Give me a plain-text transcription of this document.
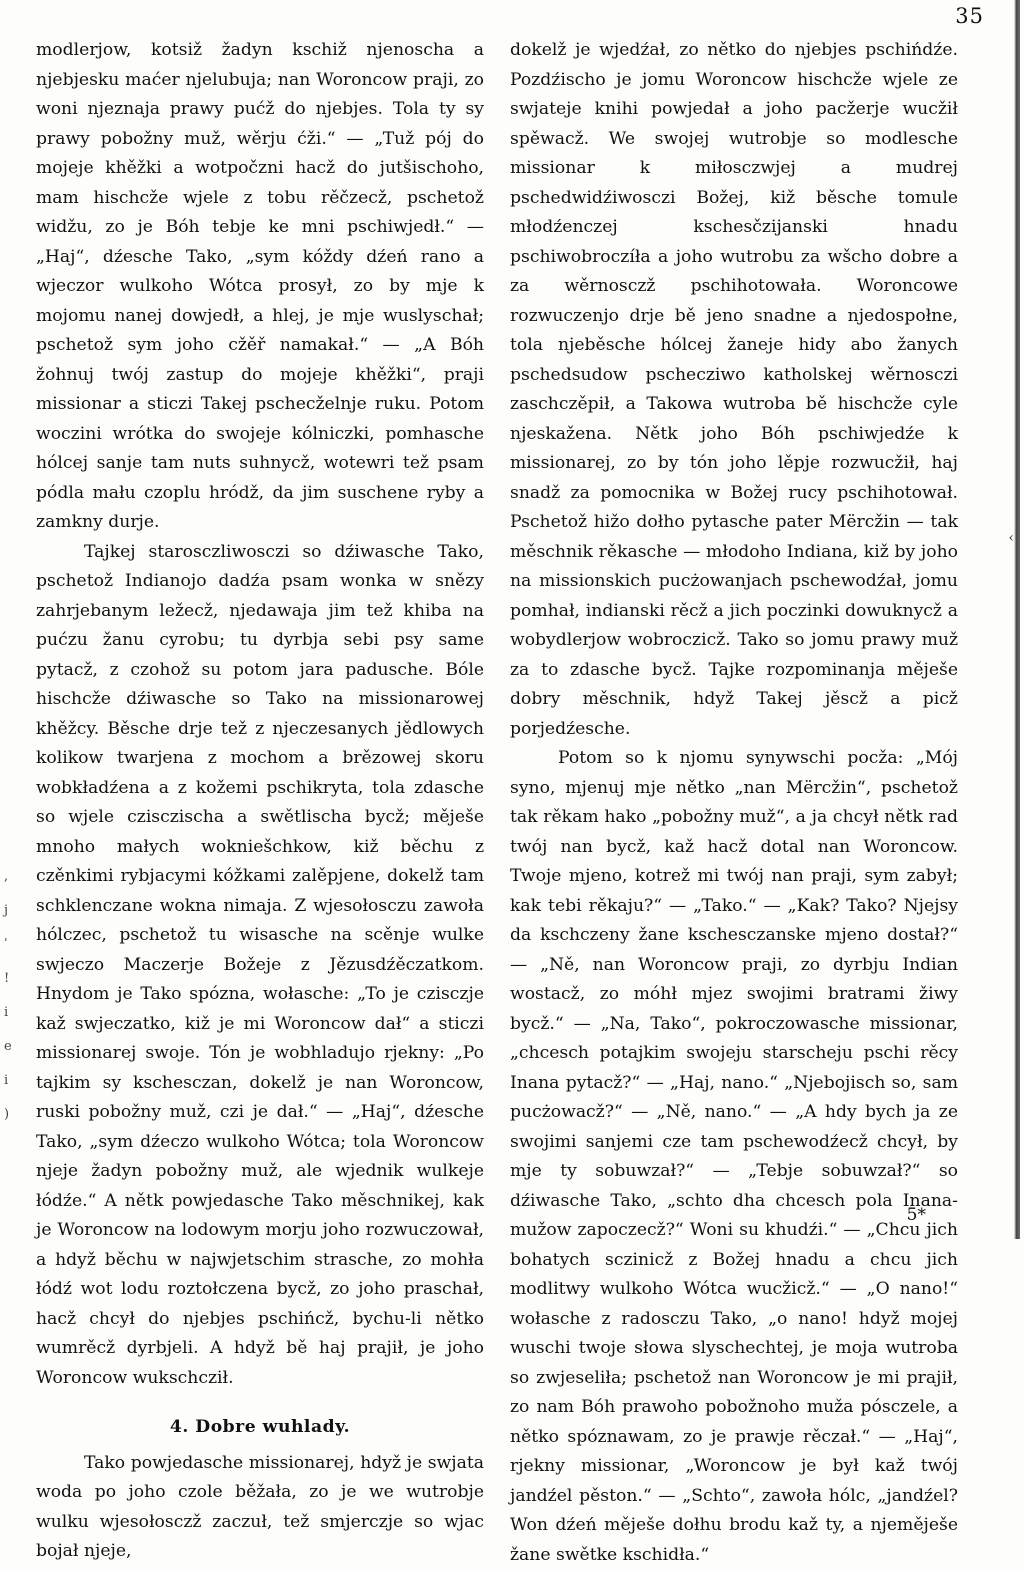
35

modlerjow, kotsiž žadyn kschiž njenoscha a njebjesku maćer njelubuja; nan Woroncow praji, zo woni njeznaja prawy pućž do njebjes. Tola ty sy prawy pobožny muž, wěrju ćži.“ — „Tuž pój do mojeje khěžki a wotpočzni hacž do jutšischoho, mam hischcže wjele z tobu rěčzecž, pschetož widžu, zo je Bóh tebje ke mni pschiwjedł.“ — „Haj“, dźesche Tako, „sym kóždy dźeń rano a wjeczor wulkoho Wótca prosył, zo by mje k mojomu nanej dowjedł, a hlej, je mje wuslyschał; pschetož sym joho cžěř namakał.“ — „A Bóh žohnuj twój zastup do mojeje khěžki“, praji missionar a sticzi Takej pschecželnje ruku. Potom woczini wrótka do swojeje kólniczki, pomhasche hólcej sanje tam nuts suhnycž, wotewri tež psam pódla mału czoplu hródž, da jim suschene ryby a zamkny durje.

Tajkej starosczliwosczi so dźiwasche Tako, pschetož Indianojo dadźa psam wonka w snězy zahrjebanym ležecž, njedawaja jim tež khiba na pućzu žanu cyrobu; tu dyrbja sebi psy same pytacž, z czohož su potom jara padusche. Bóle hischcže dźiwasche so Tako na missionarowej khěžcy. Běsche drje tež z njeczesanych jědlowych kolikow twarjena z mochom a brězowej skoru wobkładźena a z kožemi pschikryta, tola zdasche so wjele czisczischa a swětlischa bycž; měješe mnoho małych wokniešchkow, kiž běchu z czěnkimi rybjacymi kóžkami zalěpjene, dokelž tam schklenczane wokna nimaja. Z wjesołosczu zawoła hólczec, pschetož tu wisasche na scěnje wulke swjeczo Maczerje Božeje z Jězusdźěczatkom. Hnydom je Tako spózna, wołasche: „To je czisczje kaž swjeczatko, kiž je mi Woroncow dał“ a sticzi missionarej swoje. Tón je wobhladujo rjekny: „Po tajkim sy kschesczan, dokelž je nan Woroncow, ruski pobožny muž, czi je dał.“ — „Haj“, dźesche Tako, „sym dźeczo wulkoho Wótca; tola Woroncow njeje žadyn pobožny muž, ale wjednik wulkeje łódźe.“ A nětk powjedasche Tako měschnikej, kak je Woroncow na lodowym morju joho rozwuczował, a hdyž běchu w najwjetschim strasche, zo mohła łódź wot lodu roztołczena bycž, zo joho praschał, hacž chcył do njebjes pschińcž, bychu-li nětko wumrěcž dyrbjeli. A hdyž bě haj prajił, je joho Woroncow wukschcził.

4. Dobre wuhlady.

Tako powjedasche missionarej, hdyž je swjata woda po joho czole běžała, zo je we wutrobje wulku wjesołosczž zaczuł, tež smjerczje so wjac bojał njeje,

dokelž je wjedźał, zo nětko do njebjes pschińdźe. Pozdźischo je jomu Woroncow hischcže wjele ze swjateje knihi powjedał a joho pacžerje wucžił spěwacž. We swojej wutrobje so modlesche missionar k miłosczwjej a mudrej pschedwidźiwosczi Božej, kiž běsche tomule młodźenczej kschesčzijanski hnadu pschiwobroczíła a joho wutrobu za wšcho dobre a za wěrnosczž pschihotowała. Woroncowe rozwuczenjo drje bě jeno snadne a njedospołne, tola njeběsche hólcej žaneje hidy abo žanych pschedsudow pschecziwo katholskej wěrnosczi zaschczěpił, a Takowa wutroba bě hischcže cyle njeskažena. Nětk joho Bóh pschiwjedźe k missionarej, zo by tón joho lěpje rozwucžił, haj snadž za pomocnika w Božej rucy pschihotował. Pschetož hižo dołho pytasche pater Mërcžin — tak měschnik rěkasche — młodoho Indiana, kiž by joho na missionskich pucżowanjach pschewodźał, jomu pomhał, indianski rěcž a jich poczinki dowuknycž a wobydlerjow wobroczicž. Tako so jomu prawy muž za to zdasche bycž. Tajke rozpominanja měješe dobry měschnik, hdyž Takej jěscž a picž porjedźesche.

Potom so k njomu synywschi pocža: „Mój syno, mjenuj mje nětko „nan Mërcžin“, pschetož tak rěkam hako „pobožny muž“, a ja chcył nětk rad twój nan bycž, kaž hacž dotal nan Woroncow. Twoje mjeno, kotrež mi twój nan praji, sym zabył; kak tebi rěkaju?“ — „Tako.“ — „Kak? Tako? Njejsy da kschczeny žane kschesczanske mjeno dostał?“ — „Ně, nan Woroncow praji, zo dyrbju Indian wostacž, zo móhł mjez swojimi bratrami žiwy bycž.“ — „Na, Tako“, pokroczowasche missionar, „chcesch potajkim swojeju starscheju pschi rěcy Inana pytacž?“ — „Haj, nano.“ „Njebojisch so, sam pucżowacž?“ — „Ně, nano.“ — „A hdy bych ja ze swojimi sanjemi cze tam pschewodźecž chcył, by mje ty sobuwzał?“ — „Tebje sobuwzał?“ so dźiwasche Tako, „schto dha chcesch pola Inana-mužow zapoczecž?“ Woni su khudźi.“ — „Chcu jich bohatych sczinicž z Božej hnadu a chcu jich modlitwy wulkoho Wótca wucžicž.“ — „O nano!“ wołasche z radosczu Tako, „o nano! hdyž mojej wuschi twoje słowa slyschechtej, je moja wutroba so zwjeseliła; pschetož nan Woroncow je mi prajił, zo nam Bóh prawoho pobožnoho muža pósczele, a nětko spóznawam, zo je prawje rěczał.“ — „Haj“, rjekny missionar, „Woroncow je był kaž twój jandźel pěston.“ — „Schto“, zawoła hólc, „jandźel? Won dźeń měješe dołhu brodu kaž ty, a njeměješe žane swětke kschidła.“

5*
,
j
ˈ
!
i
e
i
)
‹
